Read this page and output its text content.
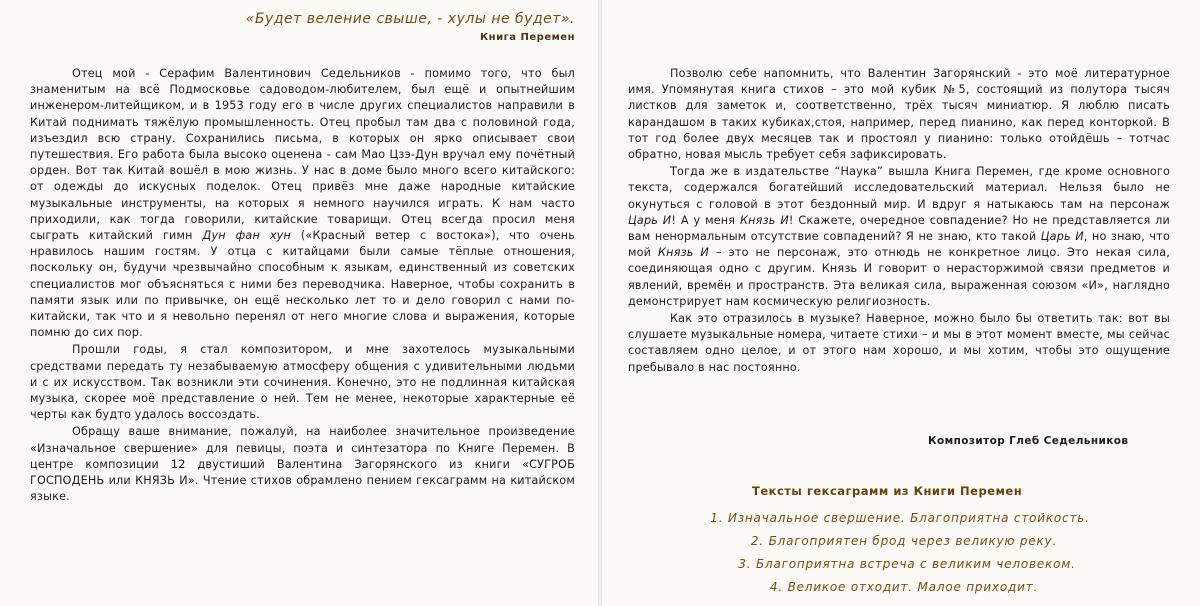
«Будет веление свыше, - хулы не будет».
Книга Перемен

Отец мой - Серафим Валентинович Седельников - помимо того, что был знаменитым на всё Подмосковье садоводом-любителем, был ещё и опытнейшим инженером-литейщиком, и в 1953 году его в числе других специалистов направили в Китай поднимать тяжёлую промышленность. Отец пробыл там два с половиной года, изъездил всю страну. Сохранились письма, в которых он ярко описывает свои путешествия. Его работа была высоко оценена - сам Мао Цзэ-Дун вручал ему почётный орден. Вот так Китай вошёл в мою жизнь. У нас в доме было много всего китайского: от одежды до искусных поделок. Отец привёз мне даже народные китайские музыкальные инструменты, на которых я немного научился играть. К нам часто приходили, как тогда говорили, китайские товарищи. Отец всегда просил меня сыграть китайский гимн Дун фан хун («Красный ветер с востока»), что очень нравилось нашим гостям. У отца с китайцами были самые тёплые отношения, поскольку он, будучи чрезвычайно способным к языкам, единственный из советских специалистов мог объясняться с ними без переводчика. Наверное, чтобы сохранить в памяти язык или по привычке, он ещё несколько лет то и дело говорил с нами по-китайски, так что и я невольно перенял от него многие слова и выражения, которые помню до сих пор.

Прошли годы, я стал композитором, и мне захотелось музыкальными средствами передать ту незабываемую атмосферу общения с удивительными людьми и с их искусством. Так возникли эти сочинения. Конечно, это не подлинная китайская музыка, скорее моё представление о ней. Тем не менее, некоторые характерные её черты как будто удалось воссоздать.

Обращу ваше внимание, пожалуй, на наиболее значительное произведение «Изначальное свершение» для певицы, поэта и синтезатора по Книге Перемен. В центре композиции 12 двустиший Валентина Загорянского из книги «СУГРОБ ГОСПОДЕНЬ или КНЯЗЬ И». Чтение стихов обрамлено пением гексаграмм на китайском языке.

Позволю себе напомнить, что Валентин Загорянский - это моё литературное имя. Упомянутая книга стихов – это мой кубик №5, состоящий из полутора тысяч листков для заметок и, соответственно, трёх тысяч миниатюр. Я люблю писать карандашом в таких кубиках,стоя, например, перед пианино, как перед конторкой. В тот год более двух месяцев так и простоял у пианино: только отойдёшь – тотчас обратно, новая мысль требует себя зафиксировать.

Тогда же в издательстве “Наука” вышла Книга Перемен, где кроме основного текста, содержался богатейший исследовательский материал. Нельзя было не окунуться с головой в этот бездонный мир. И вдруг я натыкаюсь там на персонаж Царь И! А у меня Князь И! Скажете, очередное совпадение? Но не представляется ли вам ненормальным отсутствие совпадений? Я не знаю, кто такой Царь И, но знаю, что мой Князь И – это не персонаж, это отнюдь не конкретное лицо. Это некая сила, соединяющая одно с другим. Князь И говорит о нерасторжимой связи предметов и явлений, времён и пространств. Эта великая сила, выраженная союзом «И», наглядно демонстрирует нам космическую религиозность.

Как это отразилось в музыке? Наверное, можно было бы ответить так: вот вы слушаете музыкальные номера, читаете стихи – и мы в этот момент вместе, мы сейчас составляем одно целое, и от этого нам хорошо, и мы хотим, чтобы это ощущение пребывало в нас постоянно.

Композитор Глеб Седельников
Тексты гексаграмм из Книги Перемен
1. Изначальное свершение. Благоприятна стойкость.
2. Благоприятен брод через великую реку.
3. Благоприятна встреча с великим человеком.
4. Великое отходит. Малое приходит.
